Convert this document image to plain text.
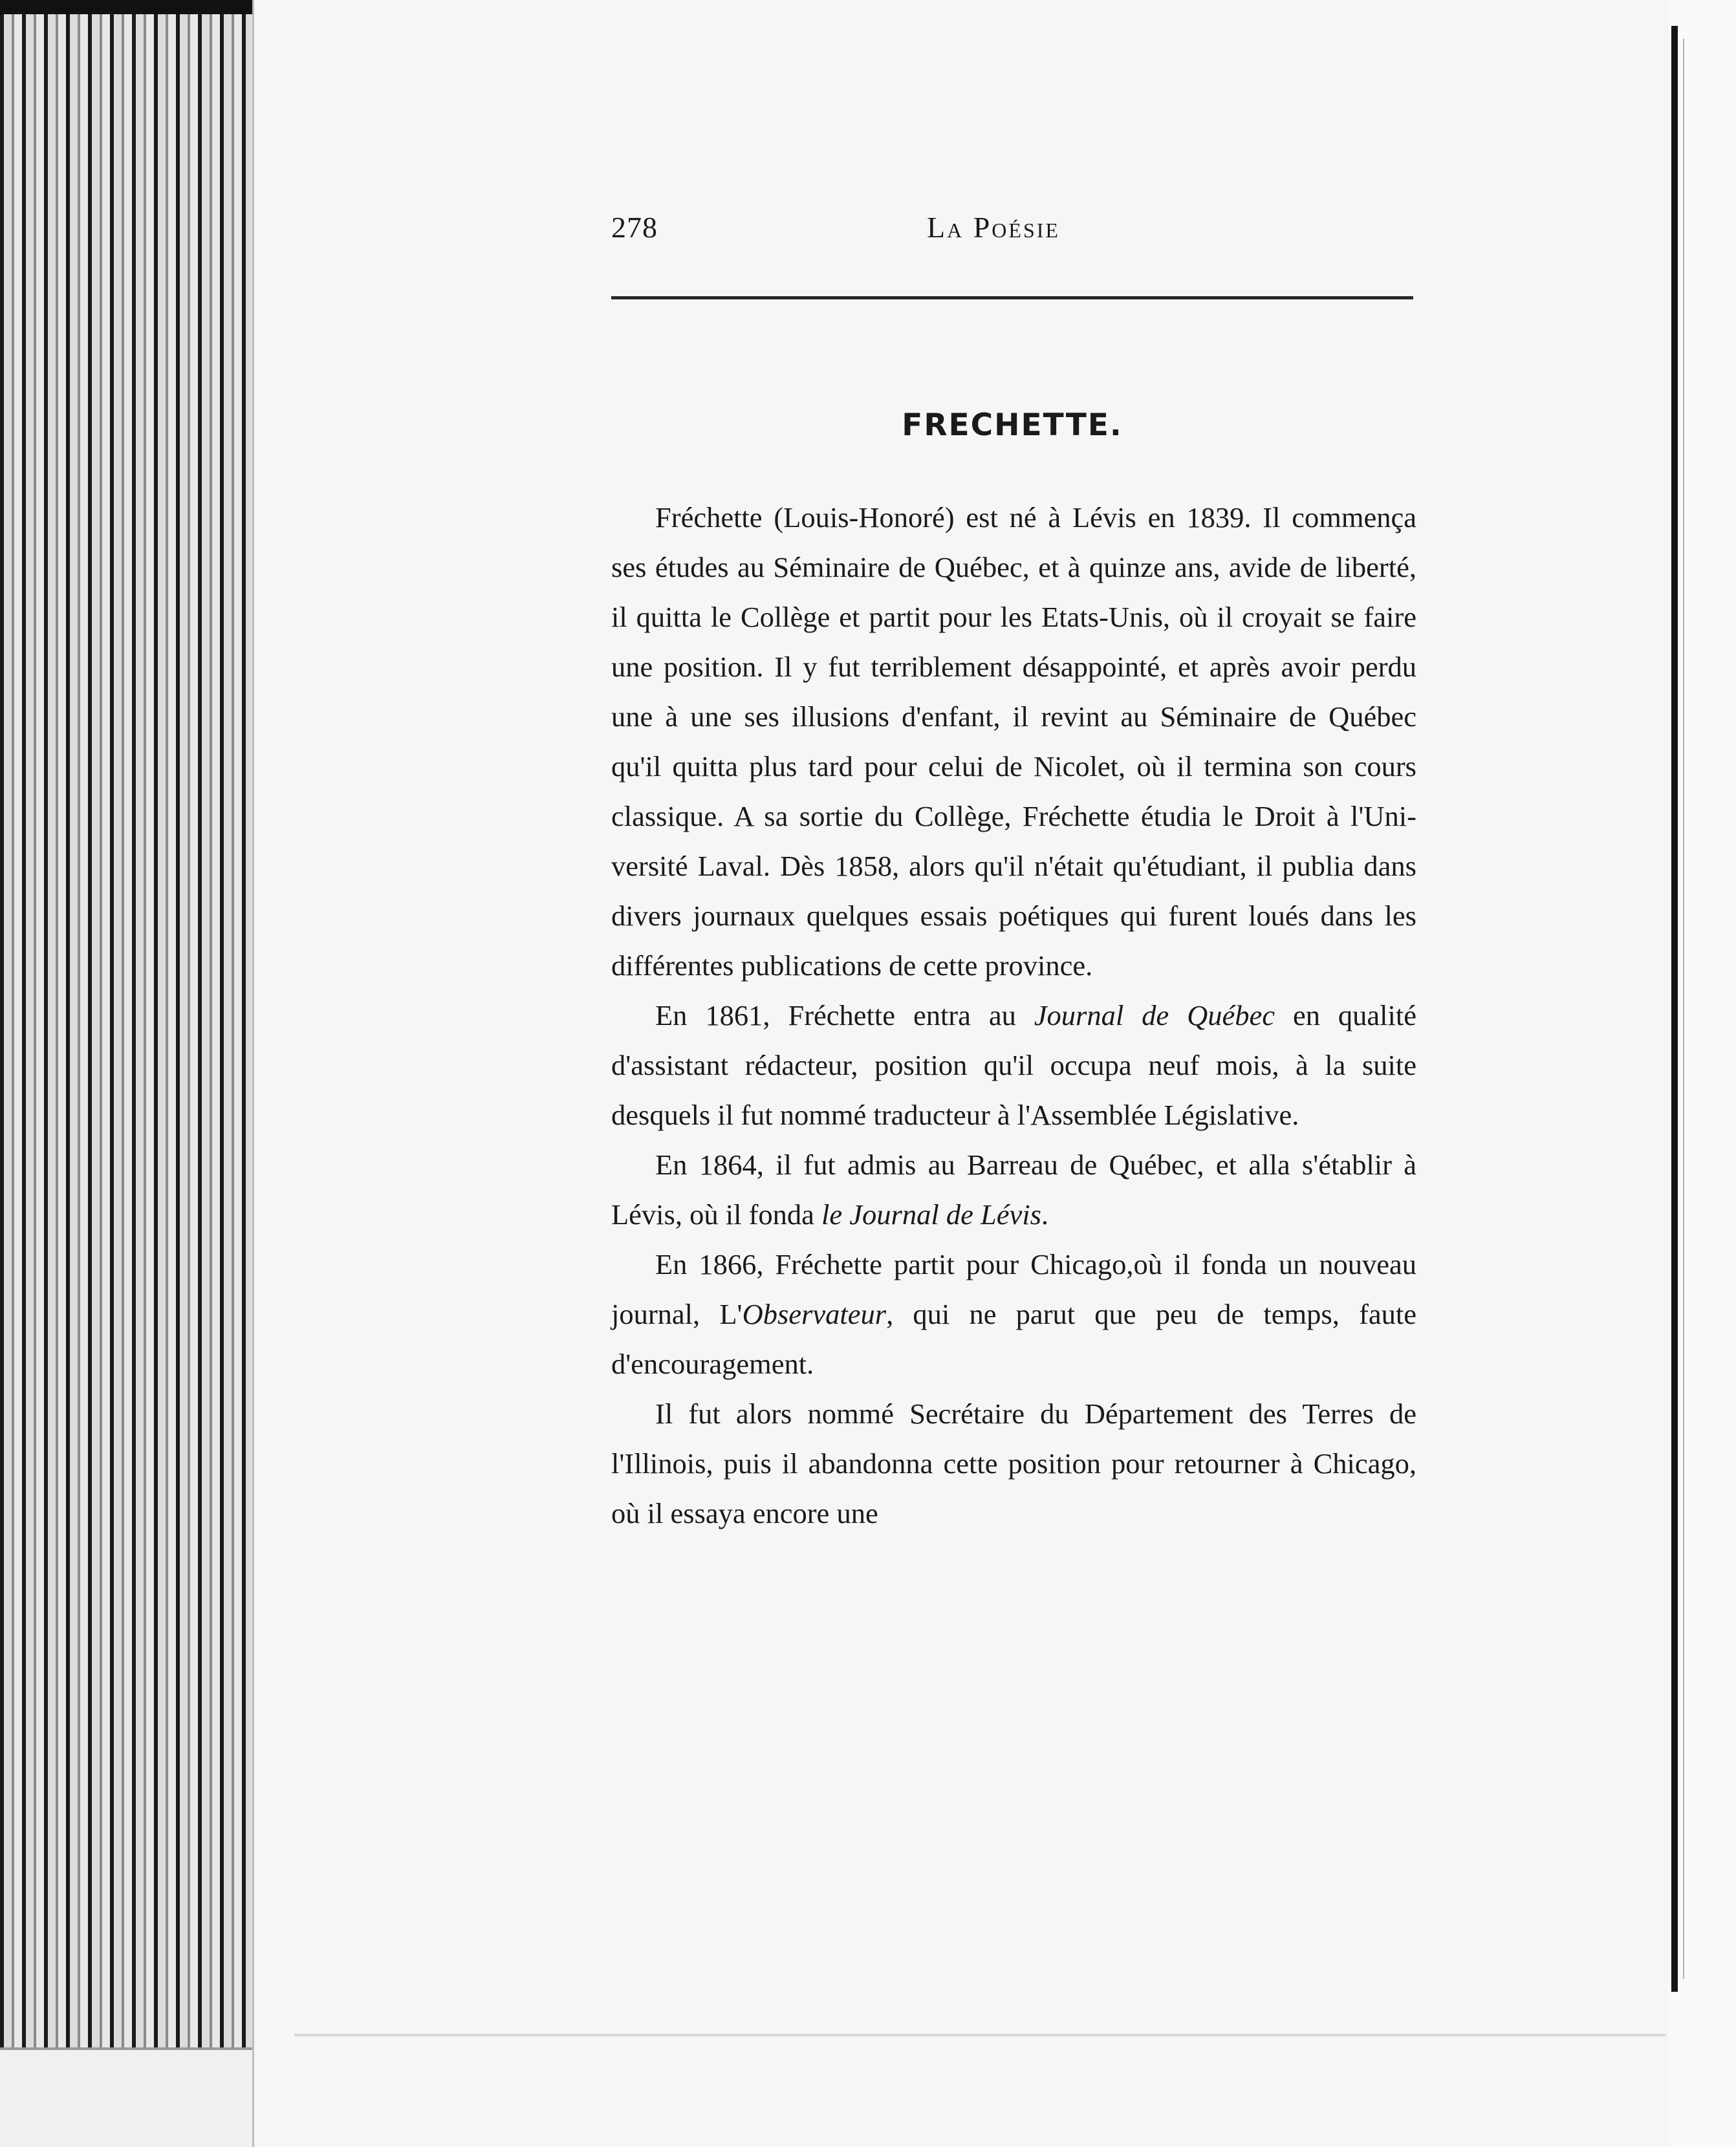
278	La Poésie
FRECHETTE.

Fréchette (Louis-Honoré) est né à Lévis en 1839. Il commença ses études au Séminaire de Québec, et à quinze ans, avide de liberté, il quitta le Collège et partit pour les Etats-Unis, où il croyait se faire une position. Il y fut terriblement désappointé, et après avoir perdu une à une ses illusions d'enfant, il revint au Séminaire de Québec qu'il quitta plus tard pour celui de Nicolet, où il termina son cours classique. A sa sortie du Collège, Fréchette étudia le Droit à l'Université Laval. Dès 1858, alors qu'il n'était qu'étudiant, il publia dans divers journaux quelques essais poétiques qui furent loués dans les différentes publications de cette province.

En 1861, Fréchette entra au Journal de Québec en qualité d'assistant rédacteur, position qu'il occupa neuf mois, à la suite desquels il fut nommé traducteur à l'Assemblée Législative.

En 1864, il fut admis au Barreau de Québec, et alla s'établir à Lévis, où il fonda le Journal de Lévis.

En 1866, Fréchette partit pour Chicago,où il fonda un nouveau journal, L'Observateur, qui ne parut que peu de temps, faute d'encouragement.

Il fut alors nommé Secrétaire du Département des Terres de l'Illinois, puis il abandonna cette position pour retourner à Chicago, où il essaya encore une
